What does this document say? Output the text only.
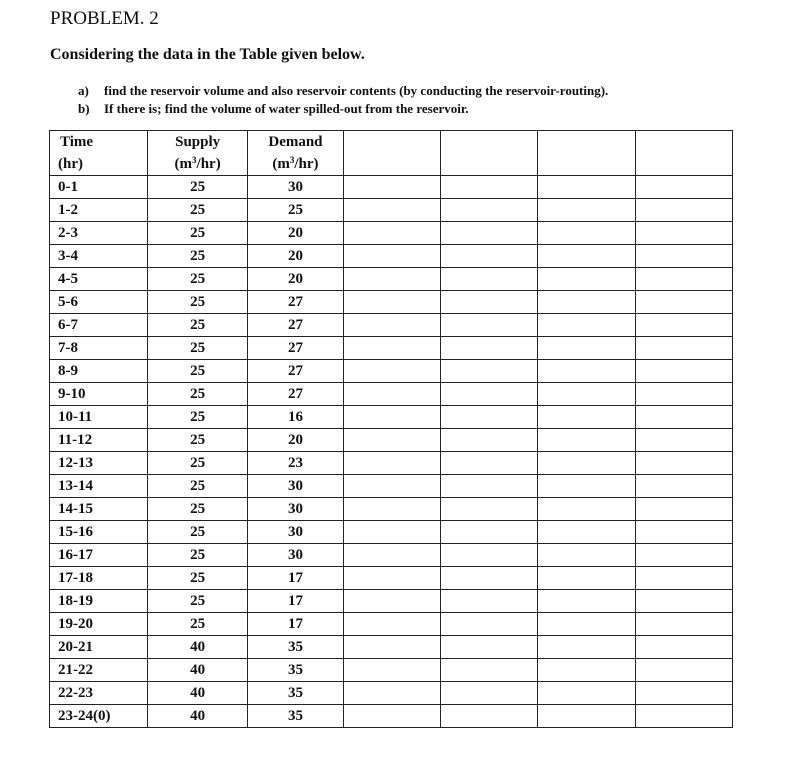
PROBLEM. 2

Considering the data in the Table given below.

a) find the reservoir volume and also reservoir contents (by conducting the reservoir-routing).
b) If there is; find the volume of water spilled-out from the reservoir.
Time	Supply	Demand				
(hr)	$(m^3/hr)$	$(m^3/hr)$				
0-1	25	30				
1-2	25	25				
2-3	25	20				
3-4	25	20				
4-5	25	20				
5-6	25	27				
6-7	25	27				
7-8	25	27				
8-9	25	27				
9-10	25	27				
10-11	25	16				
11-12	25	20				
12-13	25	23				
13-14	25	30				
14-15	25	30				
15-16	25	30				
16-17	25	30				
17-18	25	17				
18-19	25	17				
19-20	25	17				
20-21	40	35				
21-22	40	35				
22-23	40	35				
23-24(0)	40	35				
